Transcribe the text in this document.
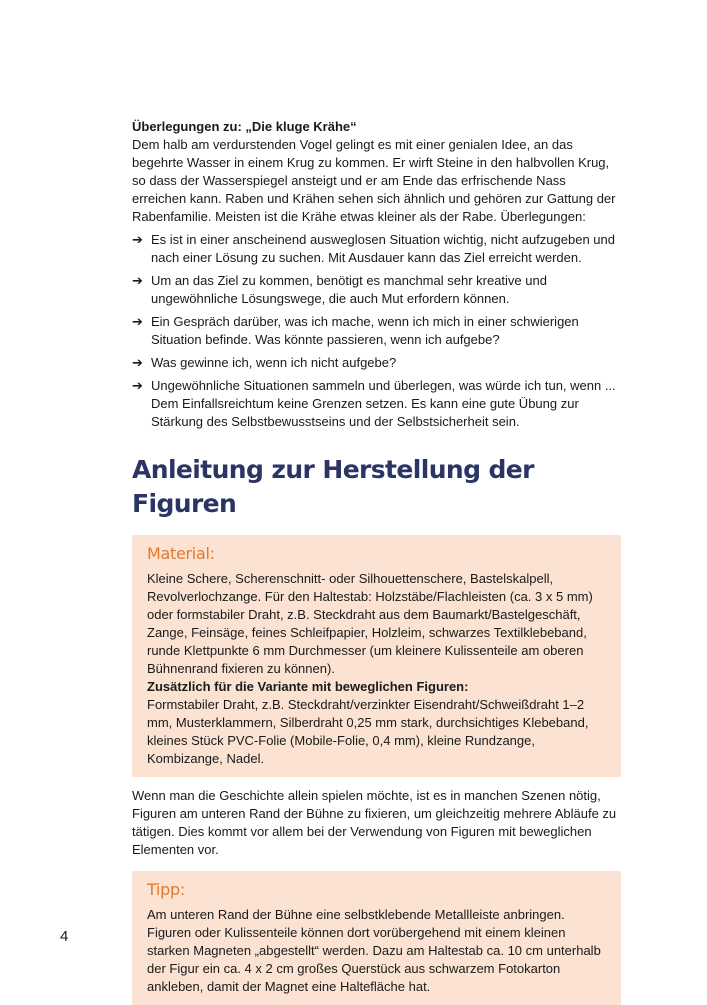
Überlegungen zu: „Die kluge Krähe“

Dem halb am verdurstenden Vogel gelingt es mit einer genialen Idee, an das begehrte Wasser in einem Krug zu kommen. Er wirft Steine in den halbvollen Krug, so dass der Wasserspiegel ansteigt und er am Ende das erfrischende Nass erreichen kann. Raben und Krähen sehen sich ähnlich und gehören zur Gattung der Rabenfamilie. Meisten ist die Krähe etwas kleiner als der Rabe. Überlegungen:

➔ Es ist in einer anscheinend ausweglosen Situation wichtig, nicht aufzugeben und nach einer Lösung zu suchen. Mit Ausdauer kann das Ziel erreicht werden.
➔ Um an das Ziel zu kommen, benötigt es manchmal sehr kreative und ungewöhnliche Lösungswege, die auch Mut erfordern können.
➔ Ein Gespräch darüber, was ich mache, wenn ich mich in einer schwierigen Situation befinde. Was könnte passieren, wenn ich aufgebe?
➔ Was gewinne ich, wenn ich nicht aufgebe?
➔ Ungewöhnliche Situationen sammeln und überlegen, was würde ich tun, wenn ... Dem Einfallsreichtum keine Grenzen setzen. Es kann eine gute Übung zur Stärkung des Selbstbewusstseins und der Selbstsicherheit sein.
Anleitung zur Herstellung der Figuren
Material:

Kleine Schere, Scherenschnitt- oder Silhouettenschere, Bastelskalpell, Revolverlochzange. Für den Haltestab: Holzstäbe/Flachleisten (ca. 3 x 5 mm) oder formstabiler Draht, z.B. Steckdraht aus dem Baumarkt/Bastelgeschäft, Zange, Feinsäge, feines Schleifpapier, Holzleim, schwarzes Textilklebeband, runde Klettpunkte 6 mm Durchmesser (um kleinere Kulissenteile am oberen Bühnenrand fixieren zu können).

Zusätzlich für die Variante mit beweglichen Figuren:

Formstabiler Draht, z.B. Steckdraht/verzinkter Eisendraht/Schweißdraht 1–2 mm, Musterklammern, Silberdraht 0,25 mm stark, durchsichtiges Klebeband, kleines Stück PVC-Folie (Mobile-Folie, 0,4 mm), kleine Rundzange, Kombizange, Nadel.

Wenn man die Geschichte allein spielen möchte, ist es in manchen Szenen nötig, Figuren am unteren Rand der Bühne zu fixieren, um gleichzeitig mehrere Abläufe zu tätigen. Dies kommt vor allem bei der Verwendung von Figuren mit beweglichen Elementen vor.

Tipp:

Am unteren Rand der Bühne eine selbstklebende Metallleiste anbringen. Figuren oder Kulissenteile können dort vorübergehend mit einem kleinen starken Magneten „abgestellt“ werden. Dazu am Haltestab ca. 10 cm unterhalb der Figur ein ca. 4 x 2 cm großes Querstück aus schwarzem Fotokarton ankleben, damit der Magnet eine Haltefläche hat.

4
